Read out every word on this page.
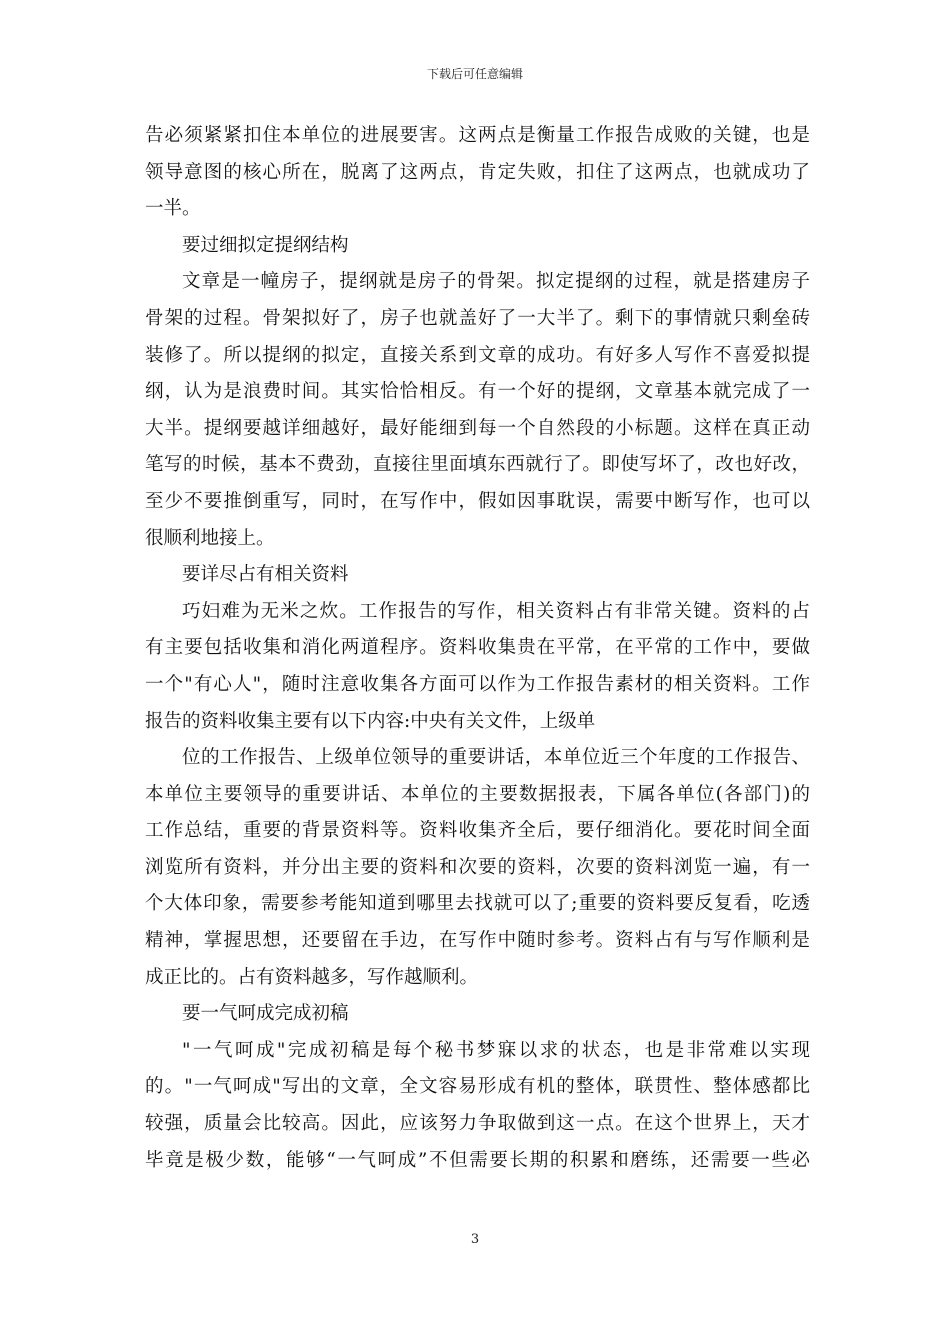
下载后可任意编辑
告必须紧紧扣住本单位的进展要害。这两点是衡量工作报告成败的关键，也是
领导意图的核心所在，脱离了这两点，肯定失败，扣住了这两点，也就成功了
一半。
要过细拟定提纲结构
文章是一幢房子，提纲就是房子的骨架。拟定提纲的过程，就是搭建房子
骨架的过程。骨架拟好了，房子也就盖好了一大半了。剩下的事情就只剩垒砖
装修了。所以提纲的拟定，直接关系到文章的成功。有好多人写作不喜爱拟提
纲，认为是浪费时间。其实恰恰相反。有一个好的提纲，文章基本就完成了一
大半。提纲要越详细越好，最好能细到每一个自然段的小标题。这样在真正动
笔写的时候，基本不费劲，直接往里面填东西就行了。即使写坏了，改也好改，
至少不要推倒重写，同时，在写作中，假如因事耽误，需要中断写作，也可以
很顺利地接上。
要详尽占有相关资料
巧妇难为无米之炊。工作报告的写作，相关资料占有非常关键。资料的占
有主要包括收集和消化两道程序。资料收集贵在平常，在平常的工作中，要做
一个"有心人"，随时注意收集各方面可以作为工作报告素材的相关资料。工作
报告的资料收集主要有以下内容:中央有关文件，上级单
位的工作报告、上级单位领导的重要讲话，本单位近三个年度的工作报告、
本单位主要领导的重要讲话、本单位的主要数据报表，下属各单位(各部门)的
工作总结，重要的背景资料等。资料收集齐全后，要仔细消化。要花时间全面
浏览所有资料，并分出主要的资料和次要的资料，次要的资料浏览一遍，有一
个大体印象，需要参考能知道到哪里去找就可以了;重要的资料要反复看，吃透
精神，掌握思想，还要留在手边，在写作中随时参考。资料占有与写作顺利是
成正比的。占有资料越多，写作越顺利。
要一气呵成完成初稿
"一气呵成"完成初稿是每个秘书梦寐以求的状态，也是非常难以实现
的。"一气呵成"写出的文章，全文容易形成有机的整体，联贯性、整体感都比
较强，质量会比较高。因此，应该努力争取做到这一点。在这个世界上，天才
毕竟是极少数，能够“一气呵成”不但需要长期的积累和磨练，还需要一些必
3
